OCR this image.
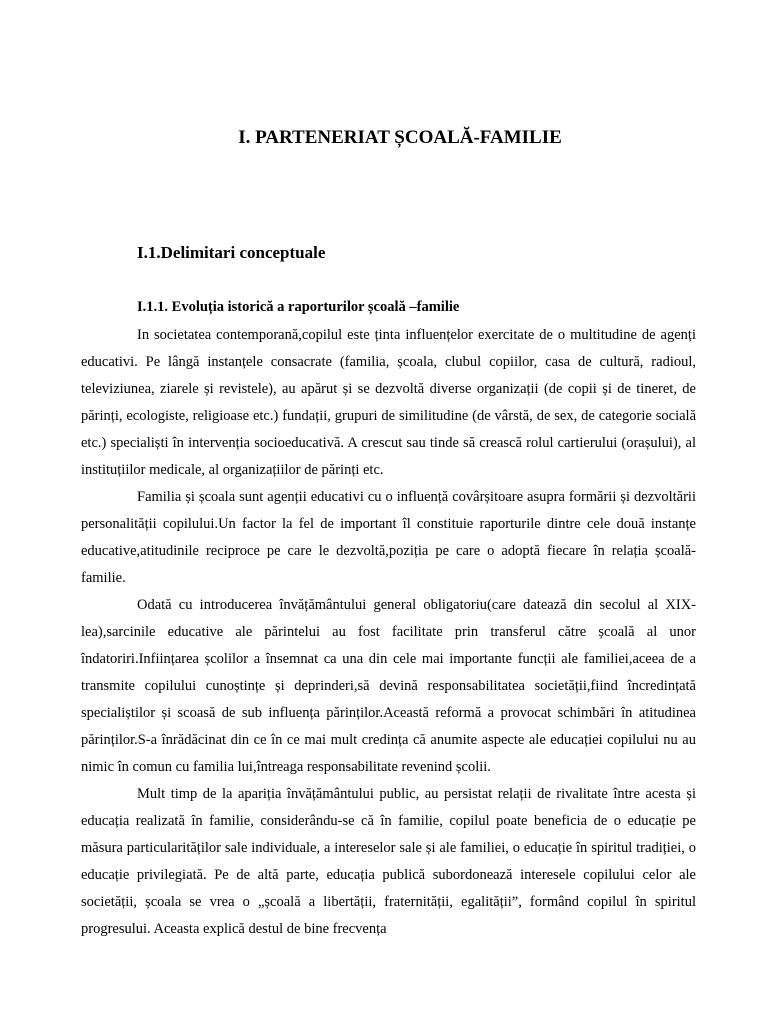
I. PARTENERIAT ȘCOALĂ-FAMILIE
I.1.Delimitari conceptuale
I.1.1. Evoluția istorică a raporturilor școală –familie

In societatea contemporană,copilul este ținta influențelor exercitate de o multitudine de agenți educativi. Pe lângă instanțele consacrate (familia, școala, clubul copiilor, casa de cultură, radioul, televiziunea, ziarele și revistele), au apărut și se dezvoltă diverse organizații (de copii și de tineret, de părinți, ecologiste, religioase etc.) fundații, grupuri de similitudine (de vârstă, de sex, de categorie socială etc.) specialiști în intervenția socioeducativă. A crescut sau tinde să crească rolul cartierului (orașului), al instituțiilor medicale, al organizațiilor de părinți etc.

Familia și școala sunt agenții educativi cu o influență covârșitoare asupra formării și dezvoltării personalității copilului.Un factor la fel de important îl constituie raporturile dintre cele două instanțe educative,atitudinile reciproce pe care le dezvoltă,poziția pe care o adoptă fiecare în relația școală-familie.

Odată cu introducerea învățământului general obligatoriu(care datează din secolul al XIX-lea),sarcinile educative ale părintelui au fost facilitate prin transferul către școală al unor îndatoriri.Inființarea școlilor a însemnat ca una din cele mai importante funcții ale familiei,aceea de a transmite copilului cunoștințe și deprinderi,să devină responsabilitatea societății,fiind încredințată specialiștilor și scoasă de sub influența părinților.Această reformă a provocat schimbări în atitudinea părinților.S-a înrădăcinat din ce în ce mai mult credința că anumite aspecte ale educației copilului nu au nimic în comun cu familia lui,întreaga responsabilitate revenind școlii.

Mult timp de la apariția învățământului public, au persistat relații de rivalitate între acesta și educația realizată în familie, considerându-se că în familie, copilul poate beneficia de o educație pe măsura particularităților sale individuale, a intereselor sale și ale familiei, o educație în spiritul tradiției, o educație privilegiată. Pe de altă parte, educația publică subordonează interesele copilului celor ale societății, școala se vrea o „școală a libertății, fraternității, egalității”, formând copilul în spiritul progresului. Aceasta explică destul de bine frecvența
